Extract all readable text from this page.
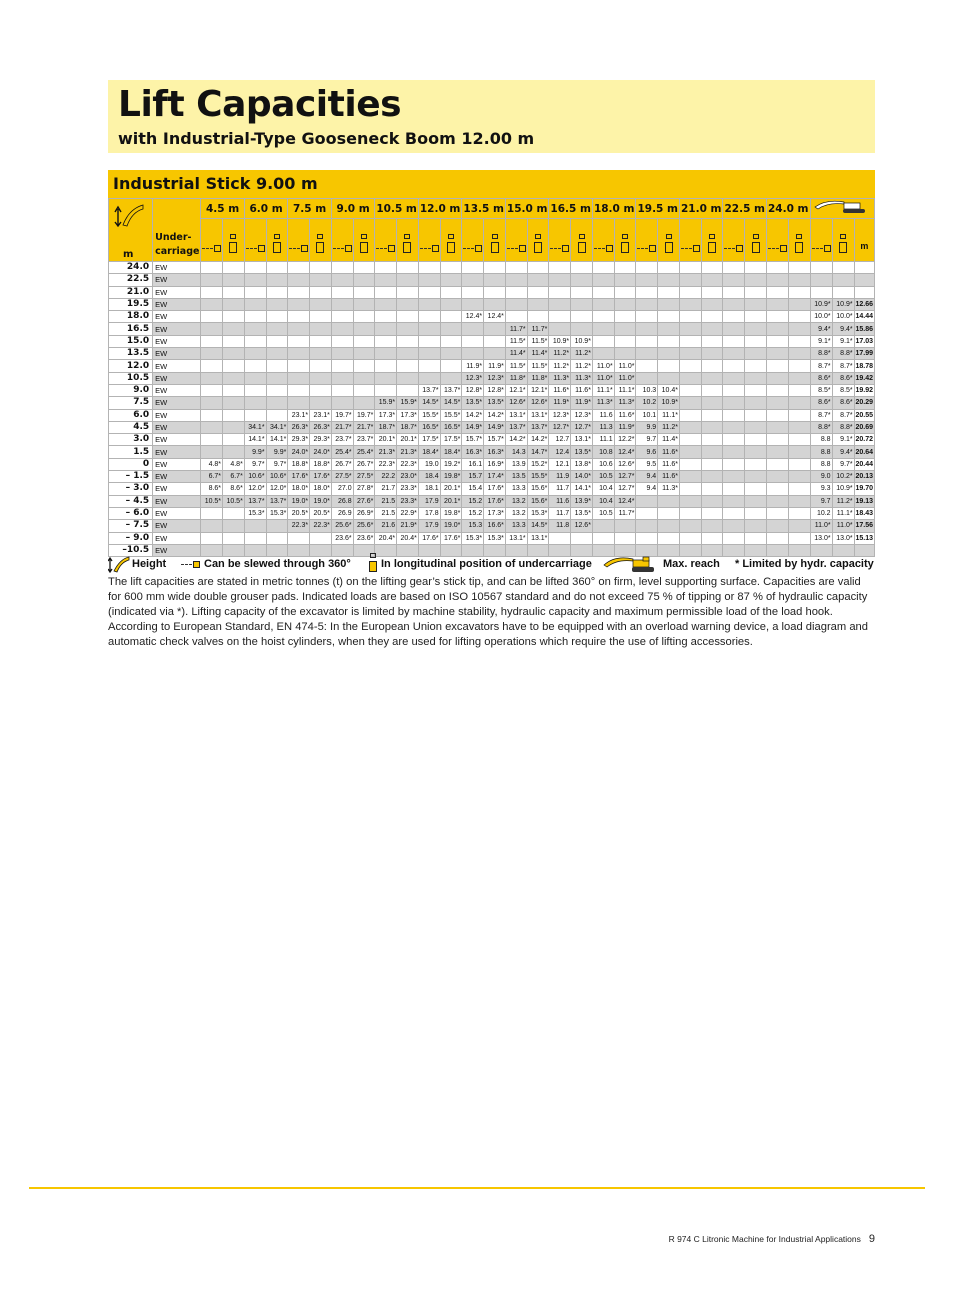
Lift Capacities
with Industrial-Type Gooseneck Boom 12.00 m
Industrial Stick 9.00 m
m	Under-
carriage	4.5 m		6.0 m		7.5 m		9.0 m		10.5 m		12.0 m		13.5 m		15.0 m		16.5 m		18.0 m		19.5 m		21.0 m		22.5 m		24.0 m	
																																m
24.0	EW																															
22.5	EW																															
21.0	EW																															
19.5	EW																													10.9*	10.9*	12.66
18.0	EW													12.4*	12.4*															10.0*	10.0*	14.44
16.5	EW															11.7*	11.7*													9.4*	9.4*	15.86
15.0	EW															11.5*	11.5*	10.9*	10.9*											9.1*	9.1*	17.03
13.5	EW															11.4*	11.4*	11.2*	11.2*											8.8*	8.8*	17.99
12.0	EW													11.9*	11.9*	11.5*	11.5*	11.2*	11.2*	11.0*	11.0*									8.7*	8.7*	18.78
10.5	EW													12.3*	12.3*	11.8*	11.8*	11.3*	11.3*	11.0*	11.0*									8.6*	8.6*	19.42
9.0	EW											13.7*	13.7*	12.8*	12.8*	12.1*	12.1*	11.6*	11.6*	11.1*	11.1*	10.3	10.4*							8.5*	8.5*	19.92
7.5	EW									15.9*	15.9*	14.5*	14.5*	13.5*	13.5*	12.6*	12.6*	11.9*	11.9*	11.3*	11.3*	10.2	10.9*							8.6*	8.6*	20.29
6.0	EW					23.1*	23.1*	19.7*	19.7*	17.3*	17.3*	15.5*	15.5*	14.2*	14.2*	13.1*	13.1*	12.3*	12.3*	11.6	11.6*	10.1	11.1*							8.7*	8.7*	20.55
4.5	EW			34.1*	34.1*	26.3*	26.3*	21.7*	21.7*	18.7*	18.7*	16.5*	16.5*	14.9*	14.9*	13.7*	13.7*	12.7*	12.7*	11.3	11.9*	9.9	11.2*							8.8*	8.8*	20.69
3.0	EW			14.1*	14.1*	29.3*	29.3*	23.7*	23.7*	20.1*	20.1*	17.5*	17.5*	15.7*	15.7*	14.2*	14.2*	12.7	13.1*	11.1	12.2*	9.7	11.4*							8.8	9.1*	20.72
1.5	EW			9.9*	9.9*	24.0*	24.0*	25.4*	25.4*	21.3*	21.3*	18.4*	18.4*	16.3*	16.3*	14.3	14.7*	12.4	13.5*	10.8	12.4*	9.6	11.6*							8.8	9.4*	20.64
0	EW	4.8*	4.8*	9.7*	9.7*	18.8*	18.8*	26.7*	26.7*	22.3*	22.3*	19.0	19.2*	16.1	16.9*	13.9	15.2*	12.1	13.8*	10.6	12.6*	9.5	11.6*							8.8	9.7*	20.44
– 1.5	EW	6.7*	6.7*	10.6*	10.6*	17.6*	17.6*	27.5*	27.5*	22.2	23.0*	18.4	19.8*	15.7	17.4*	13.5	15.5*	11.9	14.0*	10.5	12.7*	9.4	11.6*							9.0	10.2*	20.13
– 3.0	EW	8.6*	8.6*	12.0*	12.0*	18.0*	18.0*	27.0	27.8*	21.7	23.3*	18.1	20.1*	15.4	17.6*	13.3	15.6*	11.7	14.1*	10.4	12.7*	9.4	11.3*							9.3	10.9*	19.70
– 4.5	EW	10.5*	10.5*	13.7*	13.7*	19.0*	19.0*	26.8	27.6*	21.5	23.3*	17.9	20.1*	15.2	17.6*	13.2	15.6*	11.6	13.9*	10.4	12.4*									9.7	11.2*	19.13
– 6.0	EW			15.3*	15.3*	20.5*	20.5*	26.9	26.9*	21.5	22.9*	17.8	19.8*	15.2	17.3*	13.2	15.3*	11.7	13.5*	10.5	11.7*									10.2	11.1*	18.43
– 7.5	EW					22.3*	22.3*	25.6*	25.6*	21.6	21.9*	17.9	19.0*	15.3	16.6*	13.3	14.5*	11.8	12.6*											11.0*	11.0*	17.56
– 9.0	EW							23.6*	23.6*	20.4*	20.4*	17.6*	17.6*	15.3*	15.3*	13.1*	13.1*													13.0*	13.0*	15.13
–10.5	EW																															
Height	Can be slewed through 360°	In longitudinal position of undercarriage	Max. reach * Limited by hydr. capacity

The lift capacities are stated in metric tonnes (t) on the lifting gear’s stick tip, and can be lifted 360° on firm, level supporting surface. Capacities are valid for 600 mm wide double grouser pads. Indicated loads are based on ISO 10567 standard and do not exceed 75 % of tipping or 87 % of hydraulic capacity (indicated via *). Lifting capacity of the excavator is limited by machine stability, hydraulic capacity and maximum permissible load of the load hook.

According to European Standard, EN 474-5: In the European Union excavators have to be equipped with an overload warning device, a load diagram and automatic check valves on the hoist cylinders, when they are used for lifting operations which require the use of lifting accessories.

R 974 C Litronic Machine for Industrial Applications 9
